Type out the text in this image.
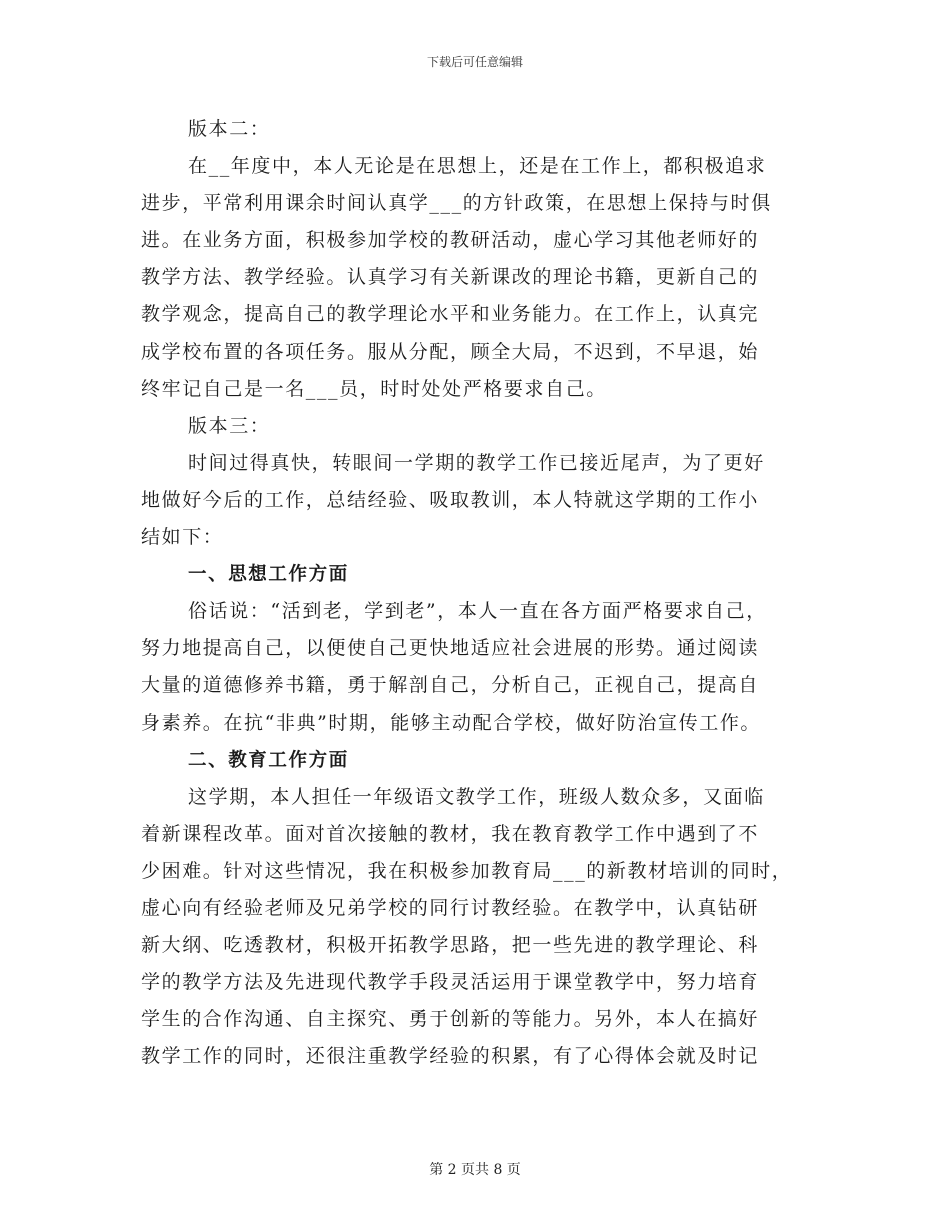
下载后可任意编辑
版本二：
在__年度中，本人无论是在思想上，还是在工作上，都积极追求
进步，平常利用课余时间认真学___的方针政策，在思想上保持与时俱
进。在业务方面，积极参加学校的教研活动，虚心学习其他老师好的
教学方法、教学经验。认真学习有关新课改的理论书籍，更新自己的
教学观念，提高自己的教学理论水平和业务能力。在工作上，认真完
成学校布置的各项任务。服从分配，顾全大局，不迟到，不早退，始
终牢记自己是一名___员，时时处处严格要求自己。
版本三：
时间过得真快，转眼间一学期的教学工作已接近尾声，为了更好
地做好今后的工作，总结经验、吸取教训，本人特就这学期的工作小
结如下：
一、思想工作方面
俗话说：“活到老，学到老”，本人一直在各方面严格要求自己，
努力地提高自己，以便使自己更快地适应社会进展的形势。通过阅读
大量的道德修养书籍，勇于解剖自己，分析自己，正视自己，提高自
身素养。在抗“非典”时期，能够主动配合学校，做好防治宣传工作。
二、教育工作方面
这学期，本人担任一年级语文教学工作，班级人数众多，又面临
着新课程改革。面对首次接触的教材，我在教育教学工作中遇到了不
少困难。针对这些情况，我在积极参加教育局___的新教材培训的同时，
虚心向有经验老师及兄弟学校的同行讨教经验。在教学中，认真钻研
新大纲、吃透教材，积极开拓教学思路，把一些先进的教学理论、科
学的教学方法及先进现代教学手段灵活运用于课堂教学中，努力培育
学生的合作沟通、自主探究、勇于创新的等能力。另外，本人在搞好
教学工作的同时，还很注重教学经验的积累，有了心得体会就及时记
第 2 页共 8 页
